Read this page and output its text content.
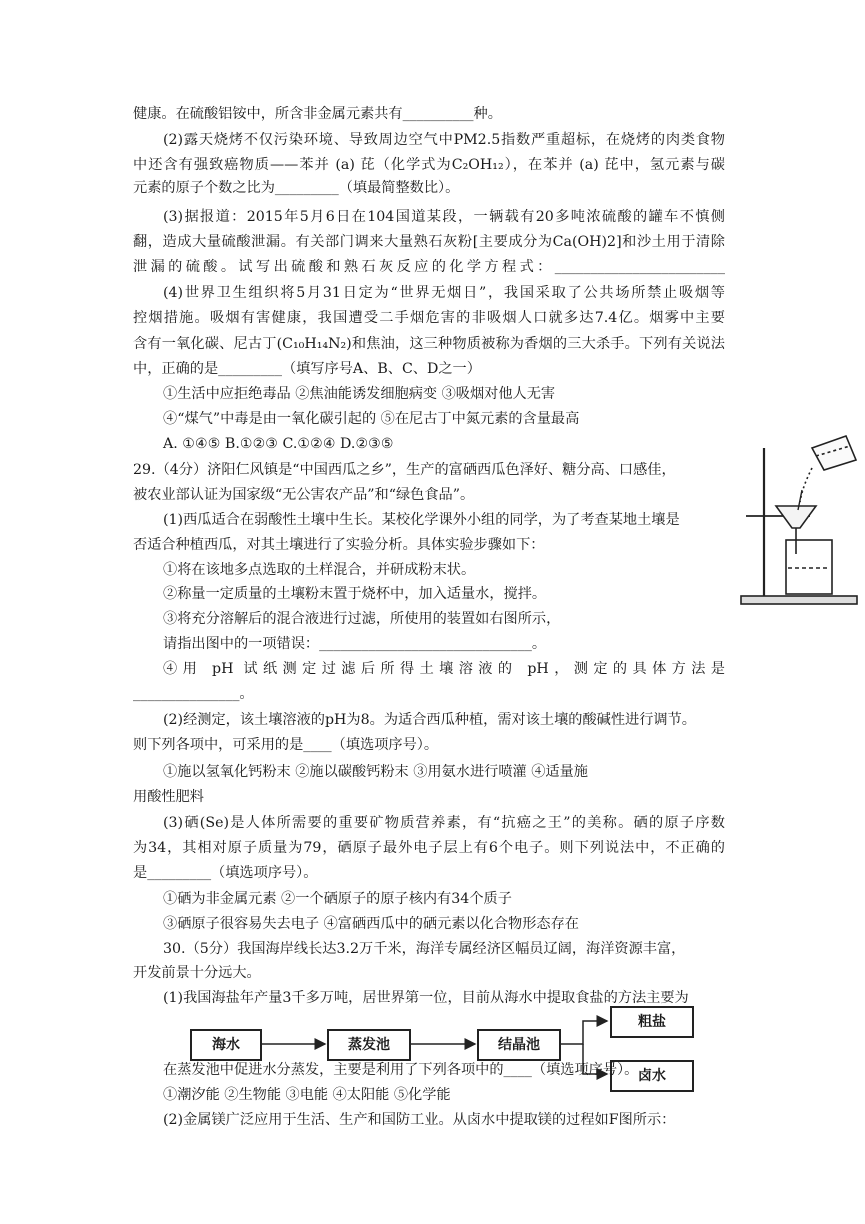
健康。在硫酸铝铵中，所含非金属元素共有__________种。
(2)露天烧烤不仅污染环境、导致周边空气中PM2.5指数严重超标，在烧烤的肉类食物
中还含有强致癌物质——苯并 (a) 芘（化学式为C₂OH₁₂），在苯并 (a) 芘中，氢元素与碳
元素的原子个数之比为_________（填最简整数比）。
(3)据报道：2015年5月6日在104国道某段，一辆载有20多吨浓硫酸的罐车不慎侧
翻，造成大量硫酸泄漏。有关部门调来大量熟石灰粉[主要成分为Ca(OH)2]和沙土用于清除
泄漏的硫酸。试写出硫酸和熟石灰反应的化学方程式：________________________
(4)世界卫生组织将5月31日定为“世界无烟日”，我国采取了公共场所禁止吸烟等
控烟措施。吸烟有害健康，我国遭受二手烟危害的非吸烟人口就多达7.4亿。烟雾中主要
含有一氧化碳、尼古丁(C₁₀H₁₄N₂)和焦油，这三种物质被称为香烟的三大杀手。下列有关说法
中，正确的是_________（填写序号A、B、C、D之一）
①生活中应拒绝毒品 ②焦油能诱发细胞病变 ③吸烟对他人无害
④“煤气”中毒是由一氧化碳引起的 ⑤在尼古丁中氮元素的含量最高
A. ①④⑤ B.①②③ C.①②④ D.②③⑤
29.（4分）济阳仁风镇是“中国西瓜之乡”，生产的富硒西瓜色泽好、糖分高、口感佳，
被农业部认证为国家级“无公害农产品”和“绿色食品”。
(1)西瓜适合在弱酸性土壤中生长。某校化学课外小组的同学，为了考查某地土壤是
否适合种植西瓜，对其土壤进行了实验分析。具体实验步骤如下：
①将在该地多点选取的土样混合，并研成粉末状。
②称量一定质量的土壤粉末置于烧杯中，加入适量水，搅拌。
③将充分溶解后的混合液进行过滤，所使用的装置如右图所示，
请指出图中的一项错误：______________________________。
④用 pH 试纸测定过滤后所得土壤溶液的 pH，测定的具体方法是
_______________。
(2)经测定，该土壤溶液的pH为8。为适合西瓜种植，需对该土壤的酸碱性进行调节。
则下列各项中，可采用的是____（填选项序号）。
①施以氢氧化钙粉末 ②施以碳酸钙粉末 ③用氨水进行喷灌 ④适量施
用酸性肥料
(3)硒(Se)是人体所需要的重要矿物质营养素，有“抗癌之王”的美称。硒的原子序数
为34，其相对原子质量为79，硒原子最外电子层上有6个电子。则下列说法中，不正确的
是_________（填选项序号）。
①硒为非金属元素 ②一个硒原子的原子核内有34个质子
③硒原子很容易失去电子 ④富硒西瓜中的硒元素以化合物形态存在
30.（5分）我国海岸线长达3.2万千米，海洋专属经济区幅员辽阔，海洋资源丰富，
开发前景十分远大。
(1)我国海盐年产量3千多万吨，居世界第一位，目前从海水中提取食盐的方法主要为
海水	蒸发池	结晶池
粗盐
卤水
在蒸发池中促进水分蒸发，主要是利用了下列各项中的____（填选项序号）。
①潮汐能 ②生物能 ③电能 ④太阳能 ⑤化学能
(2)金属镁广泛应用于生活、生产和国防工业。从卤水中提取镁的过程如F图所示：
